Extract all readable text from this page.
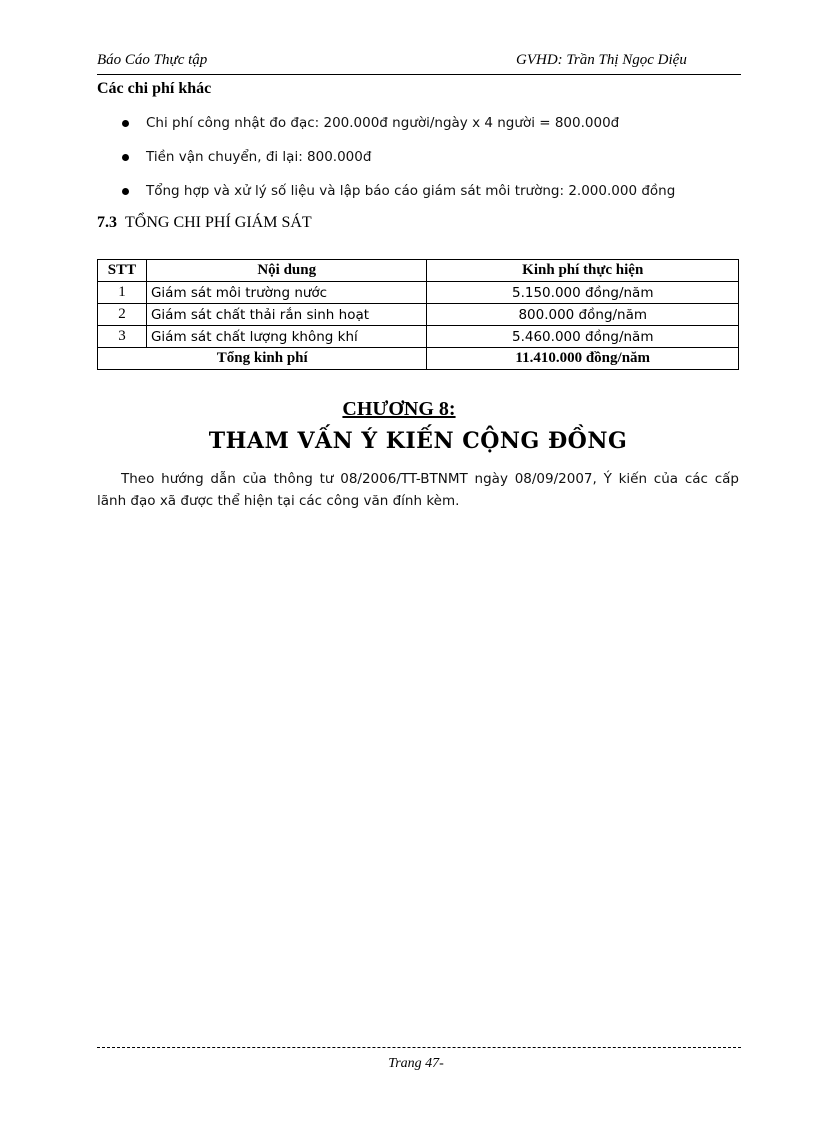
Báo Cáo Thực tập	GVHD: Trần Thị Ngọc Diệu
Các chi phí khác
Chi phí công nhật đo đạc: 200.000đ người/ngày x 4 người = 800.000đ
Tiền vận chuyển, đi lại: 800.000đ
Tổng hợp và xử lý số liệu và lập báo cáo giám sát môi trường: 2.000.000 đồng
7.3 TỔNG CHI PHÍ GIÁM SÁT
STT	Nội dung	Kinh phí thực hiện
1	Giám sát môi trường nước	5.150.000 đồng/năm
2	Giám sát chất thải rắn sinh hoạt	800.000 đồng/năm
3	Giám sát chất lượng không khí	5.460.000 đồng/năm
Tổng kinh phí		11.410.000 đồng/năm
CHƯƠNG 8:
THAM VẤN Ý KIẾN CỘNG ĐỒNG
Theo hướng dẫn của thông tư 08/2006/TT-BTNMT ngày 08/09/2007, Ý kiến của các cấp lãnh đạo xã được thể hiện tại các công văn đính kèm.
Trang 47-
